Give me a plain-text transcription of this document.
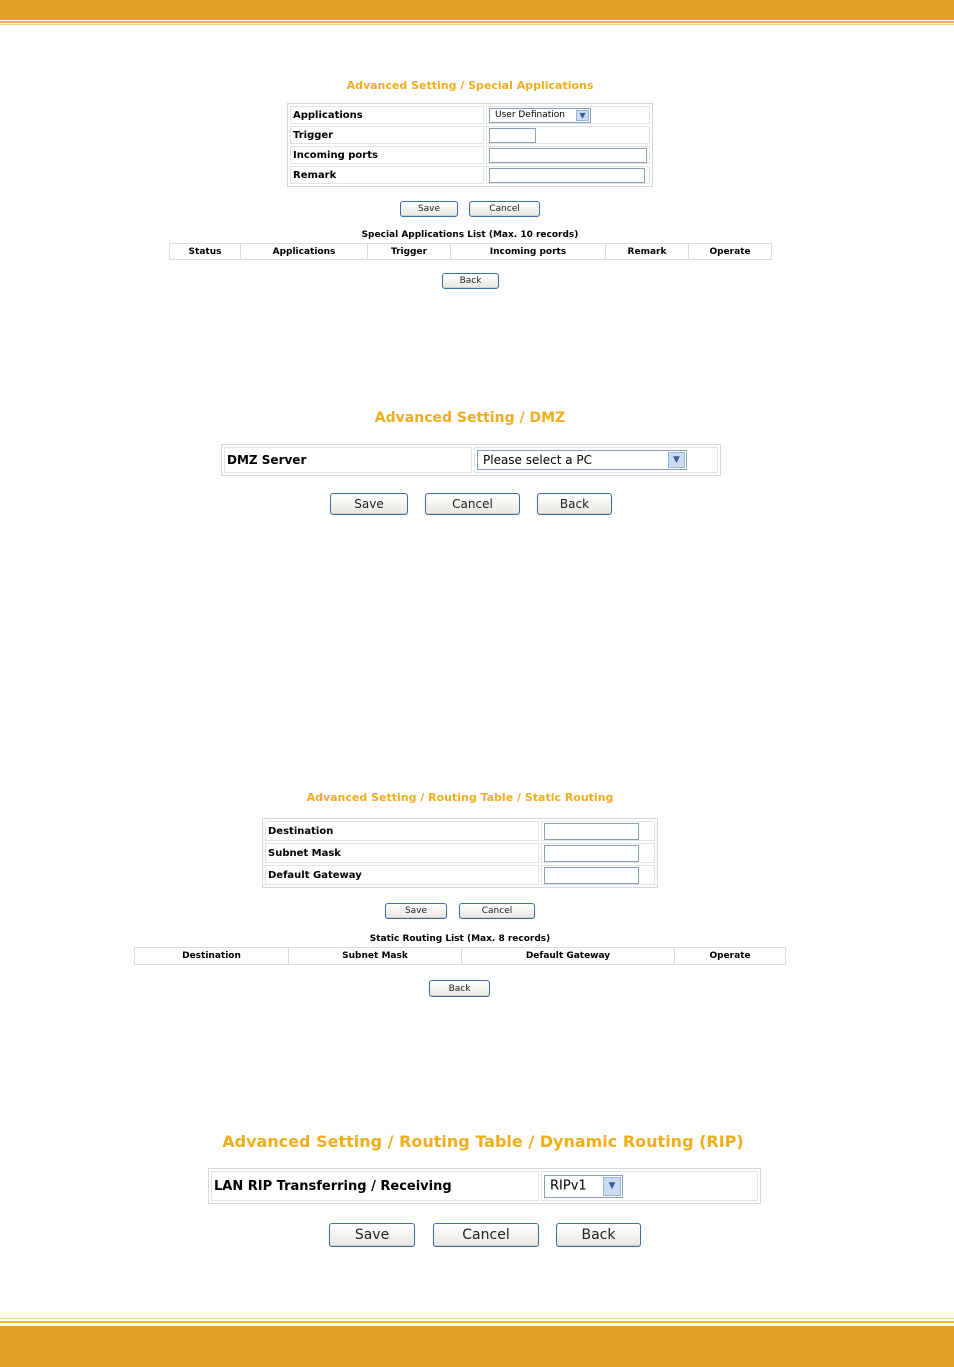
Advanced Setting / Special Applications
Applications	User Defination ▼

Trigger	

Incoming ports	

Remark	
Save	Cancel
Special Applications List (Max. 10 records)
Status	Applications	Trigger	Incoming ports	Remark	Operate
Back
Advanced Setting / DMZ
DMZ Server	Please select a PC	▼
Save	Cancel	Back
Advanced Setting / Routing Table / Static Routing
Destination	

Subnet Mask	

Default Gateway	
Save	Cancel
Static Routing List (Max. 8 records)
Destination	Subnet Mask	Default Gateway	Operate
Back
Advanced Setting / Routing Table / Dynamic Routing (RIP)
LAN RIP Transferring / Receiving	RIPv1	▼
Save	Cancel	Back
